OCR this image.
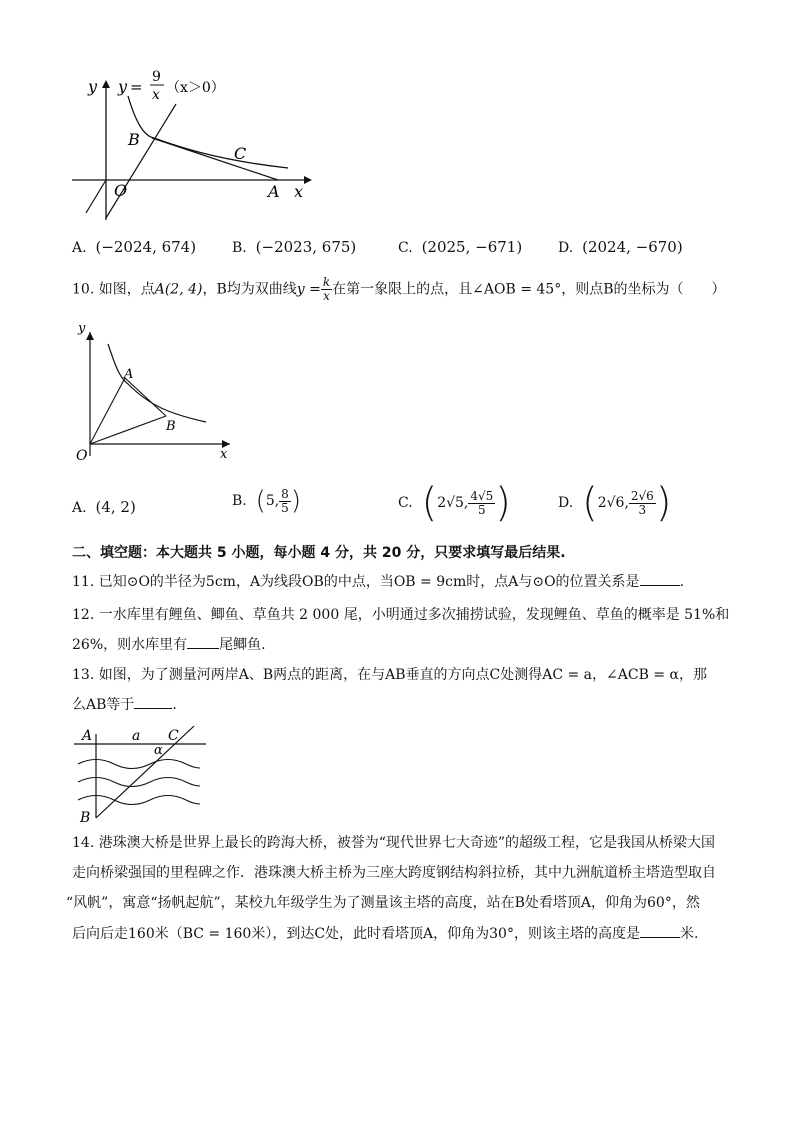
y y =
9
x （x＞0）
B
C
O	A x
A. (−2024, 674)	B. (−2023, 675)	C. (2025, −671)	D. (2024, −670)
10. 如图，点A(2, 4)，B均为双曲线$y = \frac{k}{x}$ 在第一象限上的点，且∠AOB = 45°，则点B的坐标为（　　）
y
A
B
O	x
A. (4, 2)	B. (5, $\frac{8}{5}$ )	C. (2√5, $\frac{4√5}{5}$ )	D. (2√6, $\frac{2√6}{3}$ )
二、填空题：本大题共 5 小题，每小题 4 分，共 20 分，只要求填写最后结果.
11. 已知⊙O的半径为5cm，A为线段OB的中点，当OB = 9cm时，点A与⊙O的位置关系是	.
12. 一水库里有鲤鱼、鲫鱼、草鱼共 2 000 尾，小明通过多次捕捞试验，发现鲤鱼、草鱼的概率是 51%和
26%，则水库里有 尾鲫鱼.
13. 如图，为了测量河两岸A、B两点的距离，在与AB垂直的方向点C处测得AC = a，∠ACB = α，那
么AB等于	.
A	a C
α
B
14. 港珠澳大桥是世界上最长的跨海大桥，被誉为“现代世界七大奇迹”的超级工程，它是我国从桥梁大国
走向桥梁强国的里程碑之作．港珠澳大桥主桥为三座大跨度钢结构斜拉桥，其中九洲航道桥主塔造型取自
“风帆”，寓意“扬帆起航”，某校九年级学生为了测量该主塔的高度，站在B处看塔顶A，仰角为60°，然
后向后走160米（BC = 160米），到达C处，此时看塔顶A，仰角为30°，则该主塔的高度是	米.
